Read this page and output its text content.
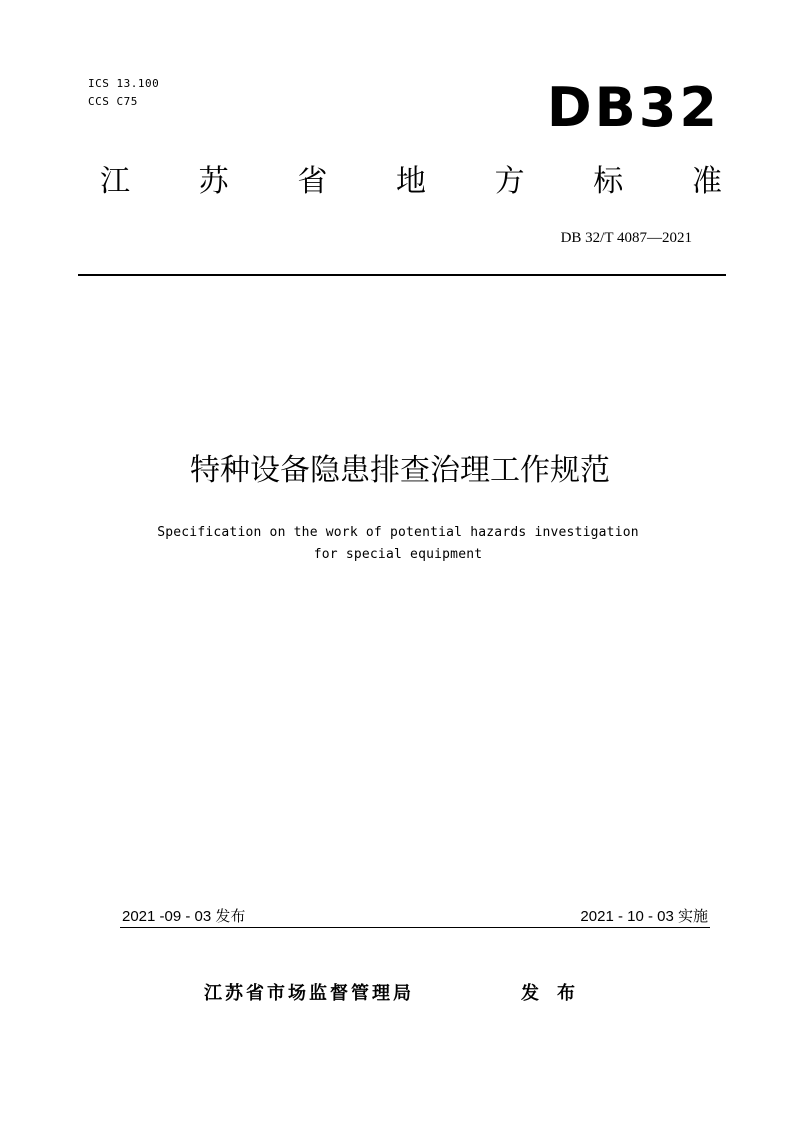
ICS 13.100
CCS C75	DB32
江 苏 省 地 方 标 准
DB 32/T 4087—2021
特种设备隐患排查治理工作规范
Specification on the work of potential hazards investigation
for special equipment
2021 -09 - 03 发布	2021 - 10 - 03 实施
江苏省市场监督管理局	发布
